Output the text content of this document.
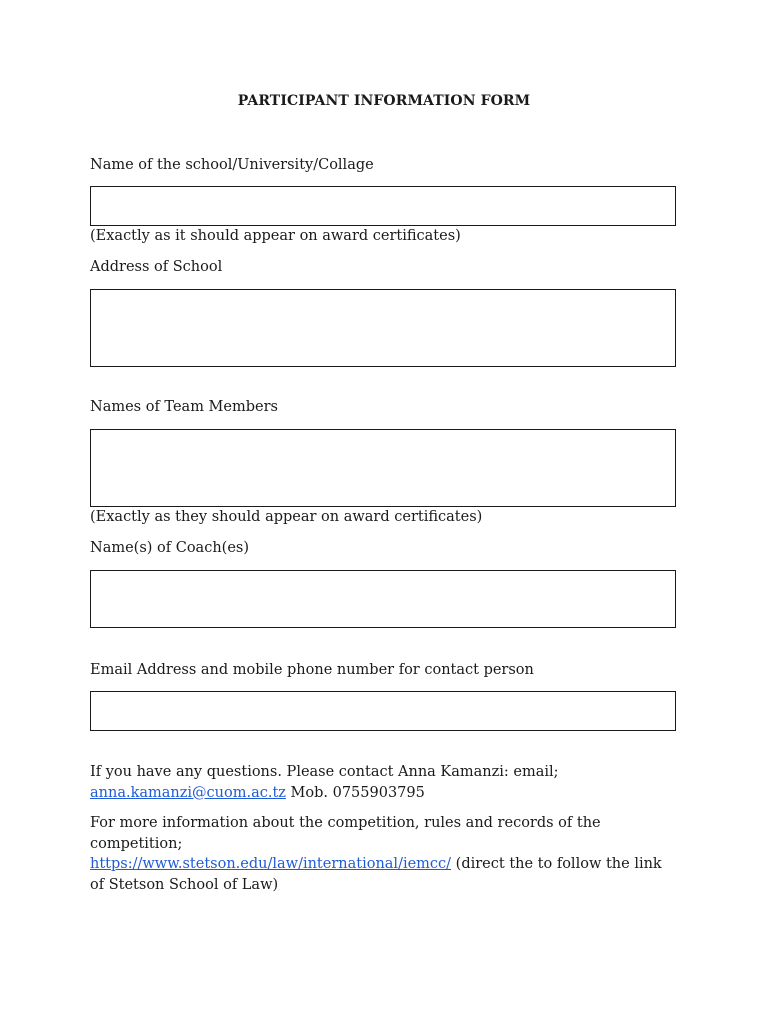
PARTICIPANT INFORMATION FORM
Name of the school/University/Collage
(Exactly as it should appear on award certificates)
Address of School
Names of Team Members
(Exactly as they should appear on award certificates)
Name(s) of Coach(es)
Email Address and mobile phone number for contact person
If you have any questions. Please contact Anna Kamanzi: email;
anna.kamanzi@cuom.ac.tz Mob. 0755903795
For more information about the competition, rules and records of the competition;
https://www.stetson.edu/law/international/iemcc/ (direct the to follow the link of Stetson School of Law)
